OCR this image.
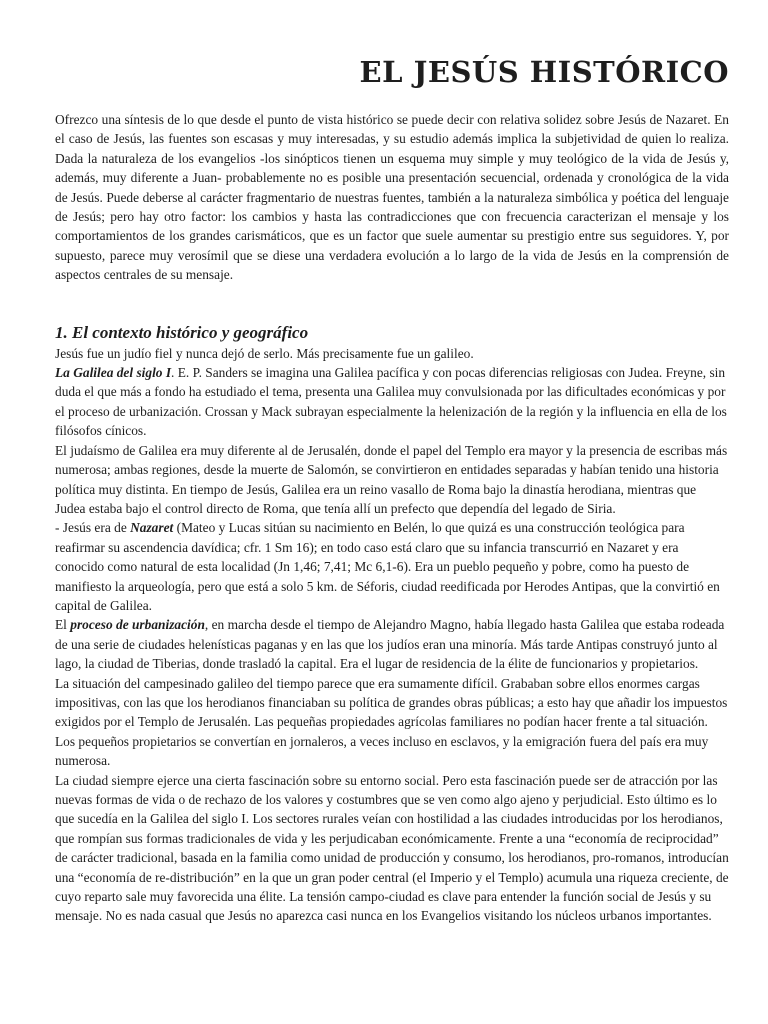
EL JESÚS HISTÓRICO

Ofrezco una síntesis de lo que desde el punto de vista histórico se puede decir con relativa solidez sobre Jesús de Nazaret. En el caso de Jesús, las fuentes son escasas y muy interesadas, y su estudio además implica la subjetividad de quien lo realiza. Dada la naturaleza de los evangelios -los sinópticos tienen un esquema muy simple y muy teológico de la vida de Jesús y, además, muy diferente a Juan- probablemente no es posible una presentación secuencial, ordenada y cronológica de la vida de Jesús. Puede deberse al carácter fragmentario de nuestras fuentes, también a la naturaleza simbólica y poética del lenguaje de Jesús; pero hay otro factor: los cambios y hasta las contradicciones que con frecuencia caracterizan el mensaje y los comportamientos de los grandes carismáticos, que es un factor que suele aumentar su prestigio entre sus seguidores. Y, por supuesto, parece muy verosímil que se diese una verdadera evolución a lo largo de la vida de Jesús en la comprensión de aspectos centrales de su mensaje.

1. El contexto histórico y geográfico

Jesús fue un judío fiel y nunca dejó de serlo. Más precisamente fue un galileo.

La Galilea del siglo I. E. P. Sanders se imagina una Galilea pacífica y con pocas diferencias religiosas con Judea. Freyne, sin duda el que más a fondo ha estudiado el tema, presenta una Galilea muy convulsionada por las dificultades económicas y por el proceso de urbanización. Crossan y Mack subrayan especialmente la helenización de la región y la influencia en ella de los filósofos cínicos.

El judaísmo de Galilea era muy diferente al de Jerusalén, donde el papel del Templo era mayor y la presencia de escribas más numerosa; ambas regiones, desde la muerte de Salomón, se convirtieron en entidades separadas y habían tenido una historia política muy distinta. En tiempo de Jesús, Galilea era un reino vasallo de Roma bajo la dinastía herodiana, mientras que Judea estaba bajo el control directo de Roma, que tenía allí un prefecto que dependía del legado de Siria.

- Jesús era de Nazaret (Mateo y Lucas sitúan su nacimiento en Belén, lo que quizá es una construcción teológica para reafirmar su ascendencia davídica; cfr. 1 Sm 16); en todo caso está claro que su infancia transcurrió en Nazaret y era conocido como natural de esta localidad (Jn 1,46; 7,41; Mc 6,1-6). Era un pueblo pequeño y pobre, como ha puesto de manifiesto la arqueología, pero que está a solo 5 km. de Séforis, ciudad reedificada por Herodes Antipas, que la convirtió en capital de Galilea.

El proceso de urbanización, en marcha desde el tiempo de Alejandro Magno, había llegado hasta Galilea que estaba rodeada de una serie de ciudades helenísticas paganas y en las que los judíos eran una minoría. Más tarde Antipas construyó junto al lago, la ciudad de Tiberias, donde trasladó la capital. Era el lugar de residencia de la élite de funcionarios y propietarios.

La situación del campesinado galileo del tiempo parece que era sumamente difícil. Grababan sobre ellos enormes cargas impositivas, con las que los herodianos financiaban su política de grandes obras públicas; a esto hay que añadir los impuestos exigidos por el Templo de Jerusalén. Las pequeñas propiedades agrícolas familiares no podían hacer frente a tal situación. Los pequeños propietarios se convertían en jornaleros, a veces incluso en esclavos, y la emigración fuera del país era muy numerosa.

La ciudad siempre ejerce una cierta fascinación sobre su entorno social. Pero esta fascinación puede ser de atracción por las nuevas formas de vida o de rechazo de los valores y costumbres que se ven como algo ajeno y perjudicial. Esto último es lo que sucedía en la Galilea del siglo I. Los sectores rurales veían con hostilidad a las ciudades introducidas por los herodianos, que rompían sus formas tradicionales de vida y les perjudicaban económicamente. Frente a una “economía de reciprocidad” de carácter tradicional, basada en la familia como unidad de producción y consumo, los herodianos, pro-romanos, introducían una “economía de re-distribución” en la que un gran poder central (el Imperio y el Templo) acumula una riqueza creciente, de cuyo reparto sale muy favorecida una élite. La tensión campo-ciudad es clave para entender la función social de Jesús y su mensaje. No es nada casual que Jesús no aparezca casi nunca en los Evangelios visitando los núcleos urbanos importantes.
